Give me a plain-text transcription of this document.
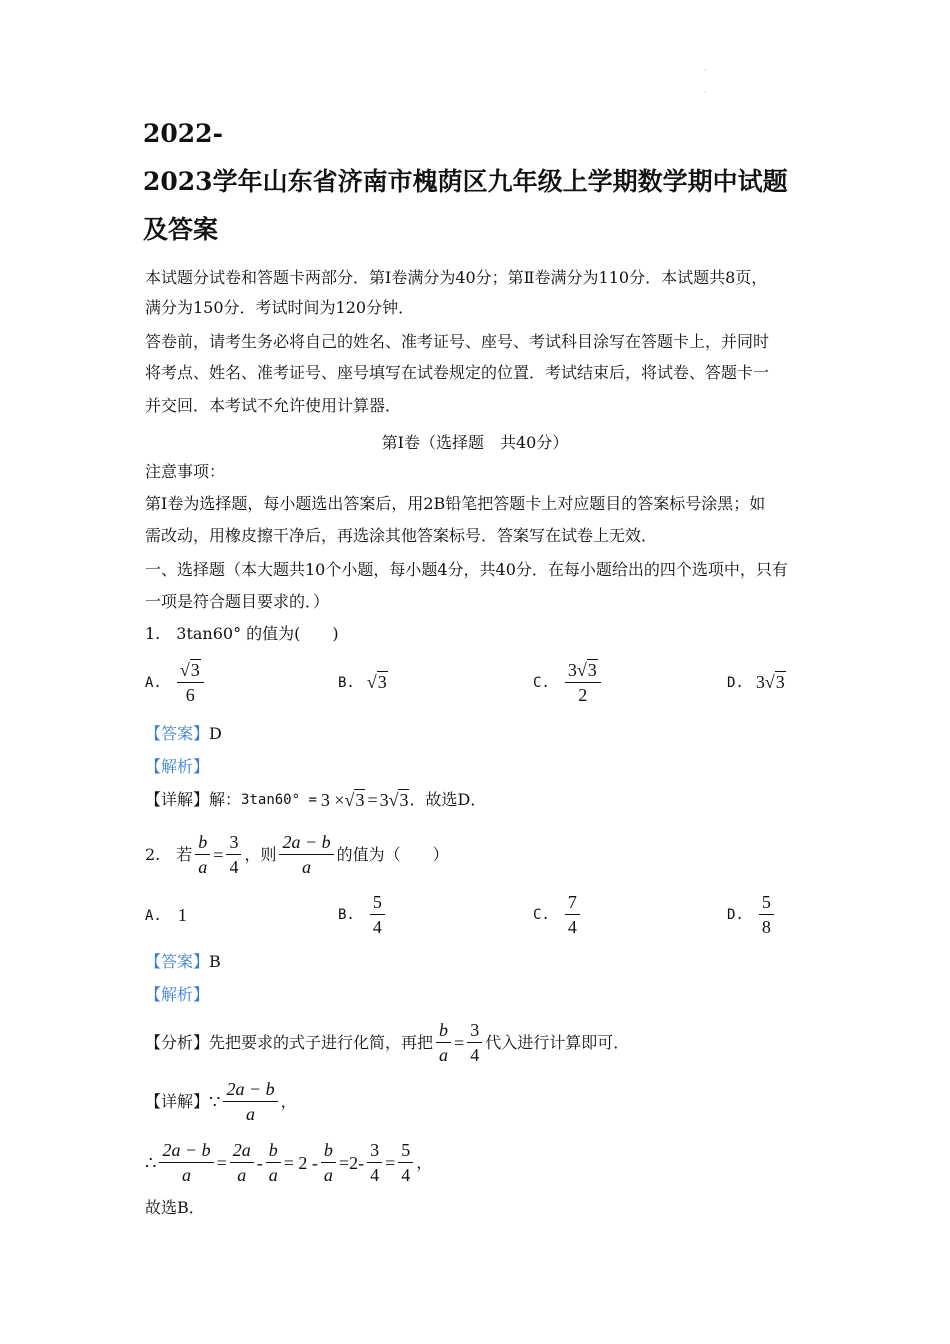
·
·
2022-
2023学年山东省济南市槐荫区九年级上学期数学期中试题
及答案
本试题分试卷和答题卡两部分．第Ⅰ卷满分为40分；第Ⅱ卷满分为110分．本试题共8页，
满分为150分．考试时间为120分钟．
答卷前，请考生务必将自己的姓名、准考证号、座号、考试科目涂写在答题卡上，并同时
将考点、姓名、准考证号、座号填写在试卷规定的位置．考试结束后，将试卷、答题卡一
并交回．本考试不允许使用计算器．
第Ⅰ卷（选择题　共40分）
注意事项：
第Ⅰ卷为选择题，每小题选出答案后，用2B铅笔把答题卡上对应题目的答案标号涂黑；如
需改动，用橡皮擦干净后，再选涂其他答案标号．答案写在试卷上无效．
一、选择题（本大题共10个小题，每小题4分，共40分．在每小题给出的四个选项中，只有
一项是符合题目要求的．）
1.　3tan60° 的值为(　　)
A. $\frac{√3}{6}$	B. √3	C. $\frac{3√3}{2}$	D. 3√3
【答案】D
【解析】
【详解】 解： 3tan60° = 3 × √3 = 3√3 ．故选D．
2.　若 $\frac{b}{a} = \frac{3}{4}$ ，则 $\frac{2a - b}{a}$ 的值为（　　）
A. 1	B. $\frac{5}{4}$	C. $\frac{7}{4}$	D. $\frac{5}{8}$
【答案】B
【解析】
【分析】 先把要求的式子进行化简，再把 $\frac{b}{a} = \frac{3}{4}$ 代入进行计算即可．
【详解】 ∵ $\frac{2a - b}{a}$ ，
∴ $\frac{2a - b}{a} = \frac{2a}{a} - \frac{b}{a} = 2 - \frac{b}{a} =2- \frac{3}{4} = \frac{5}{4}$ ，
故选B．
